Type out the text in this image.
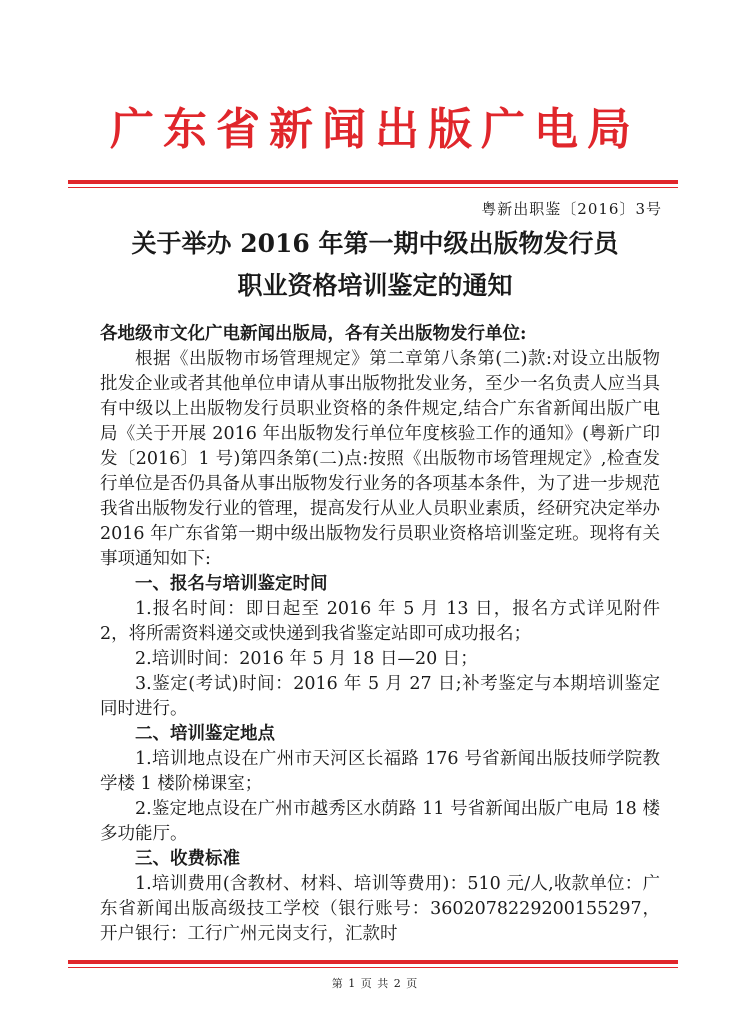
广东省新闻出版广电局
粤新出职鉴〔2016〕3号
关于举办 2016 年第一期中级出版物发行员
职业资格培训鉴定的通知

各地级市文化广电新闻出版局，各有关出版物发行单位:

根据《出版物市场管理规定》第二章第八条第(二)款:对设立出版物批发企业或者其他单位申请从事出版物批发业务，至少一名负责人应当具有中级以上出版物发行员职业资格的条件规定,结合广东省新闻出版广电局《关于开展 2016 年出版物发行单位年度核验工作的通知》(粤新广印发〔2016〕1 号)第四条第(二)点:按照《出版物市场管理规定》,检查发行单位是否仍具备从事出版物发行业务的各项基本条件，为了进一步规范我省出版物发行业的管理，提高发行从业人员职业素质，经研究决定举办 2016 年广东省第一期中级出版物发行员职业资格培训鉴定班。现将有关事项通知如下:

一、报名与培训鉴定时间

1.报名时间：即日起至 2016 年 5 月 13 日，报名方式详见附件 2，将所需资料递交或快递到我省鉴定站即可成功报名；

2.培训时间：2016 年 5 月 18 日—20 日；

3.鉴定(考试)时间：2016 年 5 月 27 日;补考鉴定与本期培训鉴定同时进行。

二、培训鉴定地点

1.培训地点设在广州市天河区长福路 176 号省新闻出版技师学院教学楼 1 楼阶梯课室；

2.鉴定地点设在广州市越秀区水荫路 11 号省新闻出版广电局 18 楼多功能厅。

三、收费标准

1.培训费用(含教材、材料、培训等费用)：510 元/人,收款单位：广东省新闻出版高级技工学校（银行账号：3602078229200155297，开户银行：工行广州元岗支行，汇款时

第 1 页 共 2 页
